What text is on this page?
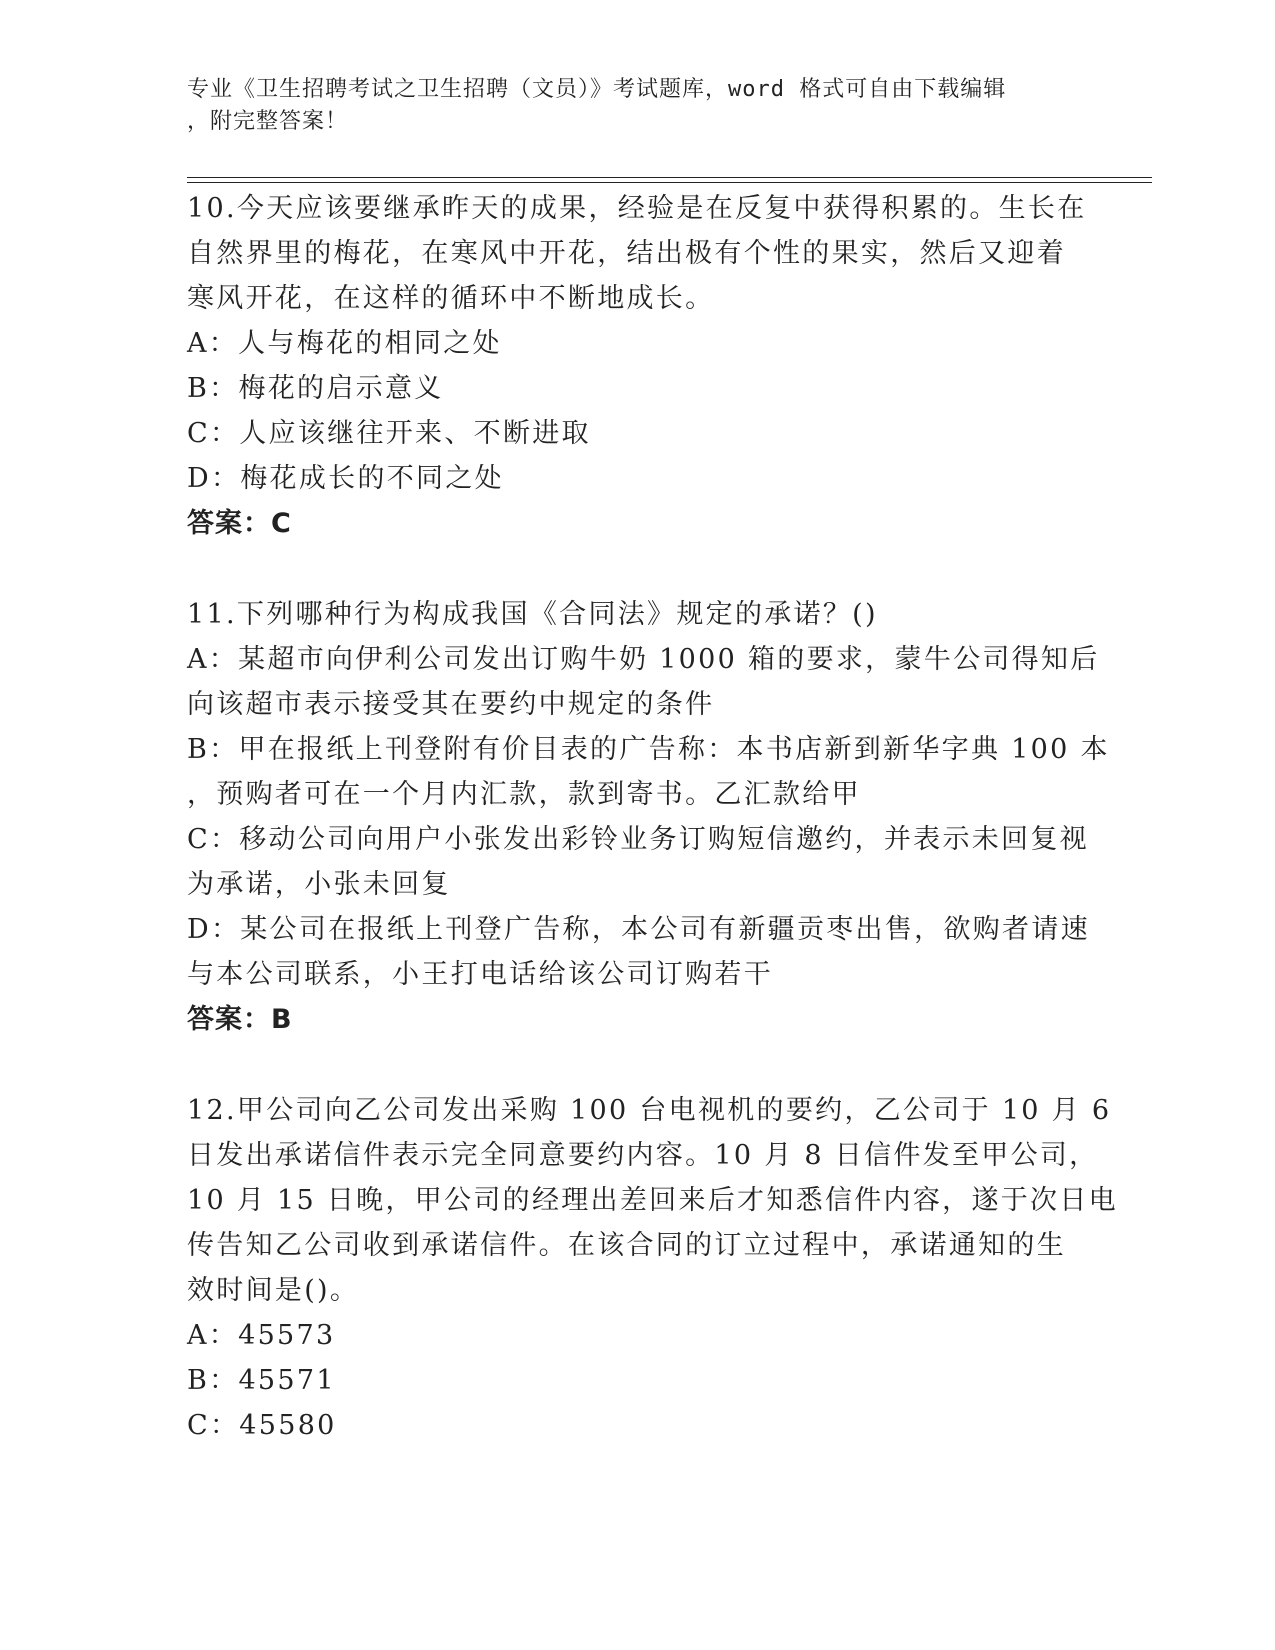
专业《卫生招聘考试之卫生招聘（文员）》考试题库，word 格式可自由下载编辑
，附完整答案！
10.今天应该要继承昨天的成果，经验是在反复中获得积累的。生长在
自然界里的梅花，在寒风中开花，结出极有个性的果实，然后又迎着
寒风开花，在这样的循环中不断地成长。
A：人与梅花的相同之处
B：梅花的启示意义
C：人应该继往开来、不断进取
D：梅花成长的不同之处
答案：C
11.下列哪种行为构成我国《合同法》规定的承诺？()
A：某超市向伊利公司发出订购牛奶 1000 箱的要求，蒙牛公司得知后
向该超市表示接受其在要约中规定的条件
B：甲在报纸上刊登附有价目表的广告称：本书店新到新华字典 100 本
，预购者可在一个月内汇款，款到寄书。乙汇款给甲
C：移动公司向用户小张发出彩铃业务订购短信邀约，并表示未回复视
为承诺，小张未回复
D：某公司在报纸上刊登广告称，本公司有新疆贡枣出售，欲购者请速
与本公司联系，小王打电话给该公司订购若干
答案：B
12.甲公司向乙公司发出采购 100 台电视机的要约，乙公司于 10 月 6
日发出承诺信件表示完全同意要约内容。10 月 8 日信件发至甲公司，
10 月 15 日晚，甲公司的经理出差回来后才知悉信件内容，遂于次日电
传告知乙公司收到承诺信件。在该合同的订立过程中，承诺通知的生
效时间是()。
A：45573
B：45571
C：45580
